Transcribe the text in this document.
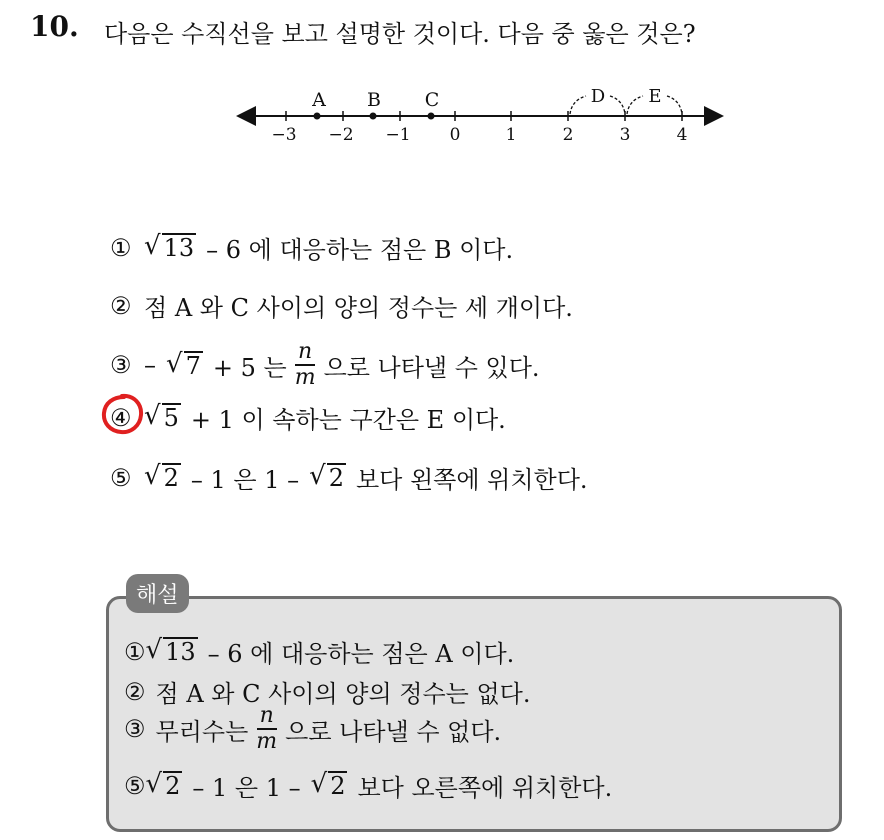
10. 다음은 수직선을 보고 설명한 것이다. 다음 중 옳은 것은?
−3 −2 −1 0	1	2	3	4
A B C	D E
① √ 13 – 6 에 대응하는 점은 B 이다.
② 점 A 와 C 사이의 양의 정수는 세 개이다.
③ – √ 7 + 5 는 $\frac{n}{m}$ 으로 나타낼 수 있다.
④ √ 5 + 1 이 속하는 구간은 E 이다.
⑤ √ 2 – 1 은 1 – √ 2 보다 왼쪽에 위치한다.
해설
① √ 13 – 6 에 대응하는 점은 A 이다.
② 점 A 와 C 사이의 양의 정수는 없다.
③ 무리수는 $\frac{n}{m}$ 으로 나타낼 수 없다.
⑤ √ 2 – 1 은 1 – √ 2 보다 오른쪽에 위치한다.
